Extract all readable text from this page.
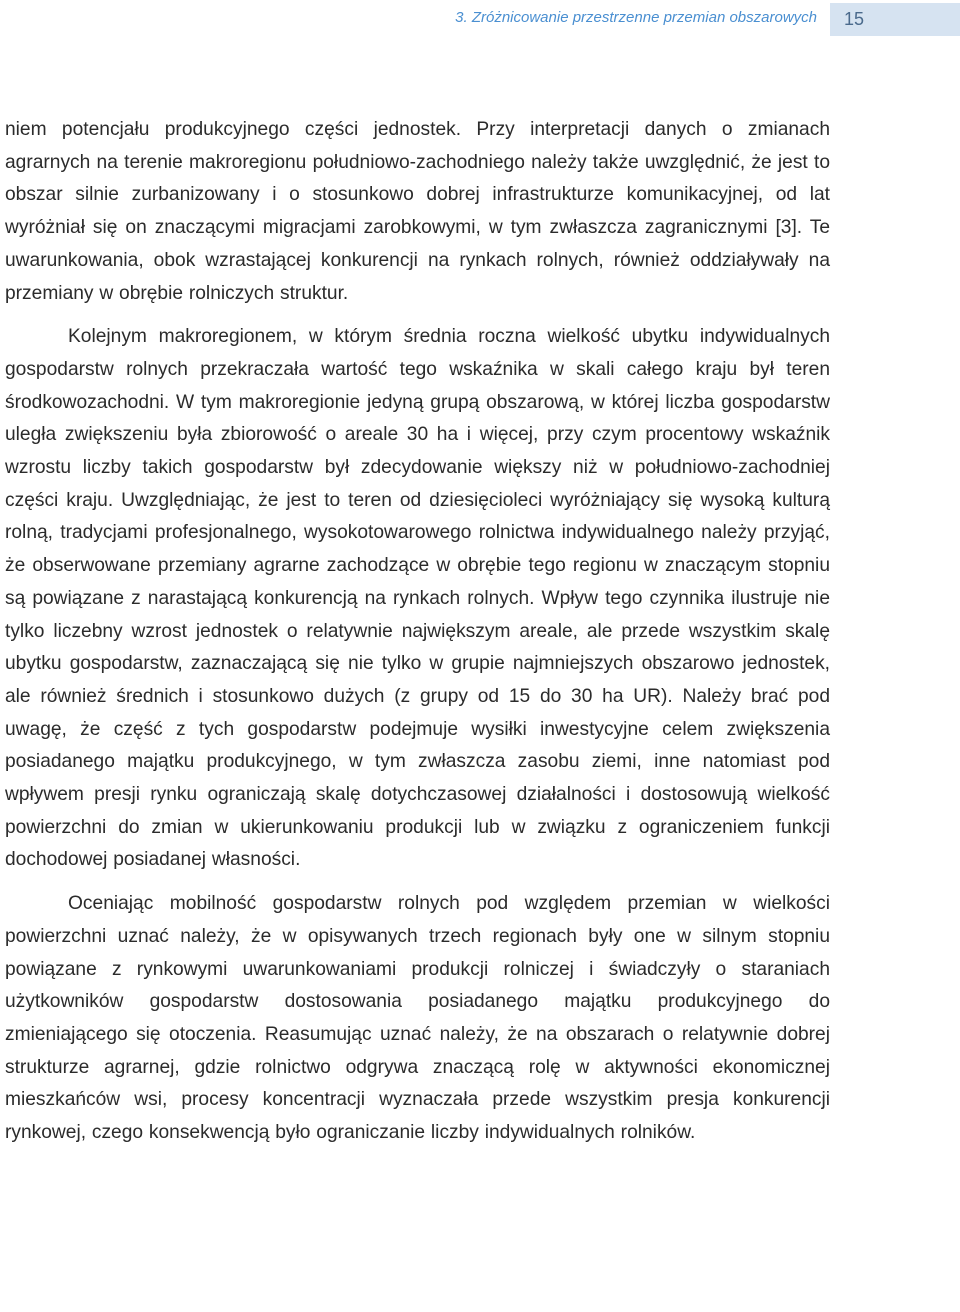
3. Zróżnicowanie przestrzenne przemian obszarowych	15

niem potencjału produkcyjnego części jednostek. Przy interpretacji danych o zmianach agrarnych na terenie makroregionu południowo-zachodniego należy także uwzględnić, że jest to obszar silnie zurbanizowany i o stosunkowo dobrej infrastrukturze komunikacyjnej, od lat wyróżniał się on znaczącymi migracjami zarobkowymi, w tym zwłaszcza zagranicznymi [3]. Te uwarunkowania, obok wzrastającej konkurencji na rynkach rolnych, również oddziaływały na przemiany w obrębie rolniczych struktur.

Kolejnym makroregionem, w którym średnia roczna wielkość ubytku indywidualnych gospodarstw rolnych przekraczała wartość tego wskaźnika w skali całego kraju był teren środkowozachodni. W tym makroregionie jedyną grupą obszarową, w której liczba gospodarstw uległa zwiększeniu była zbiorowość o areale 30 ha i więcej, przy czym procentowy wskaźnik wzrostu liczby takich gospodarstw był zdecydowanie większy niż w południowo-zachodniej części kraju. Uwzględniając, że jest to teren od dziesięcioleci wyróżniający się wysoką kulturą rolną, tradycjami profesjonalnego, wysokotowarowego rolnictwa indywidualnego należy przyjąć, że obserwowane przemiany agrarne zachodzące w obrębie tego regionu w znaczącym stopniu są powiązane z narastającą konkurencją na rynkach rolnych. Wpływ tego czynnika ilustruje nie tylko liczebny wzrost jednostek o relatywnie największym areale, ale przede wszystkim skalę ubytku gospodarstw, zaznaczającą się nie tylko w grupie najmniejszych obszarowo jednostek, ale również średnich i stosunkowo dużych (z grupy od 15 do 30 ha UR). Należy brać pod uwagę, że część z tych gospodarstw podejmuje wysiłki inwestycyjne celem zwiększenia posiadanego majątku produkcyjnego, w tym zwłaszcza zasobu ziemi, inne natomiast pod wpływem presji rynku ograniczają skalę dotychczasowej działalności i dostosowują wielkość powierzchni do zmian w ukierunkowaniu produkcji lub w związku z ograniczeniem funkcji dochodowej posiadanej własności.

Oceniając mobilność gospodarstw rolnych pod względem przemian w wielkości powierzchni uznać należy, że w opisywanych trzech regionach były one w silnym stopniu powiązane z rynkowymi uwarunkowaniami produkcji rolniczej i świadczyły o staraniach użytkowników gospodarstw dostosowania posiadanego majątku produkcyjnego do zmieniającego się otoczenia. Reasumując uznać należy, że na obszarach o relatywnie dobrej strukturze agrarnej, gdzie rolnictwo odgrywa znaczącą rolę w aktywności ekonomicznej mieszkańców wsi, procesy koncentracji wyznaczała przede wszystkim presja konkurencji rynkowej, czego konsekwencją było ograniczanie liczby indywidualnych rolników.
